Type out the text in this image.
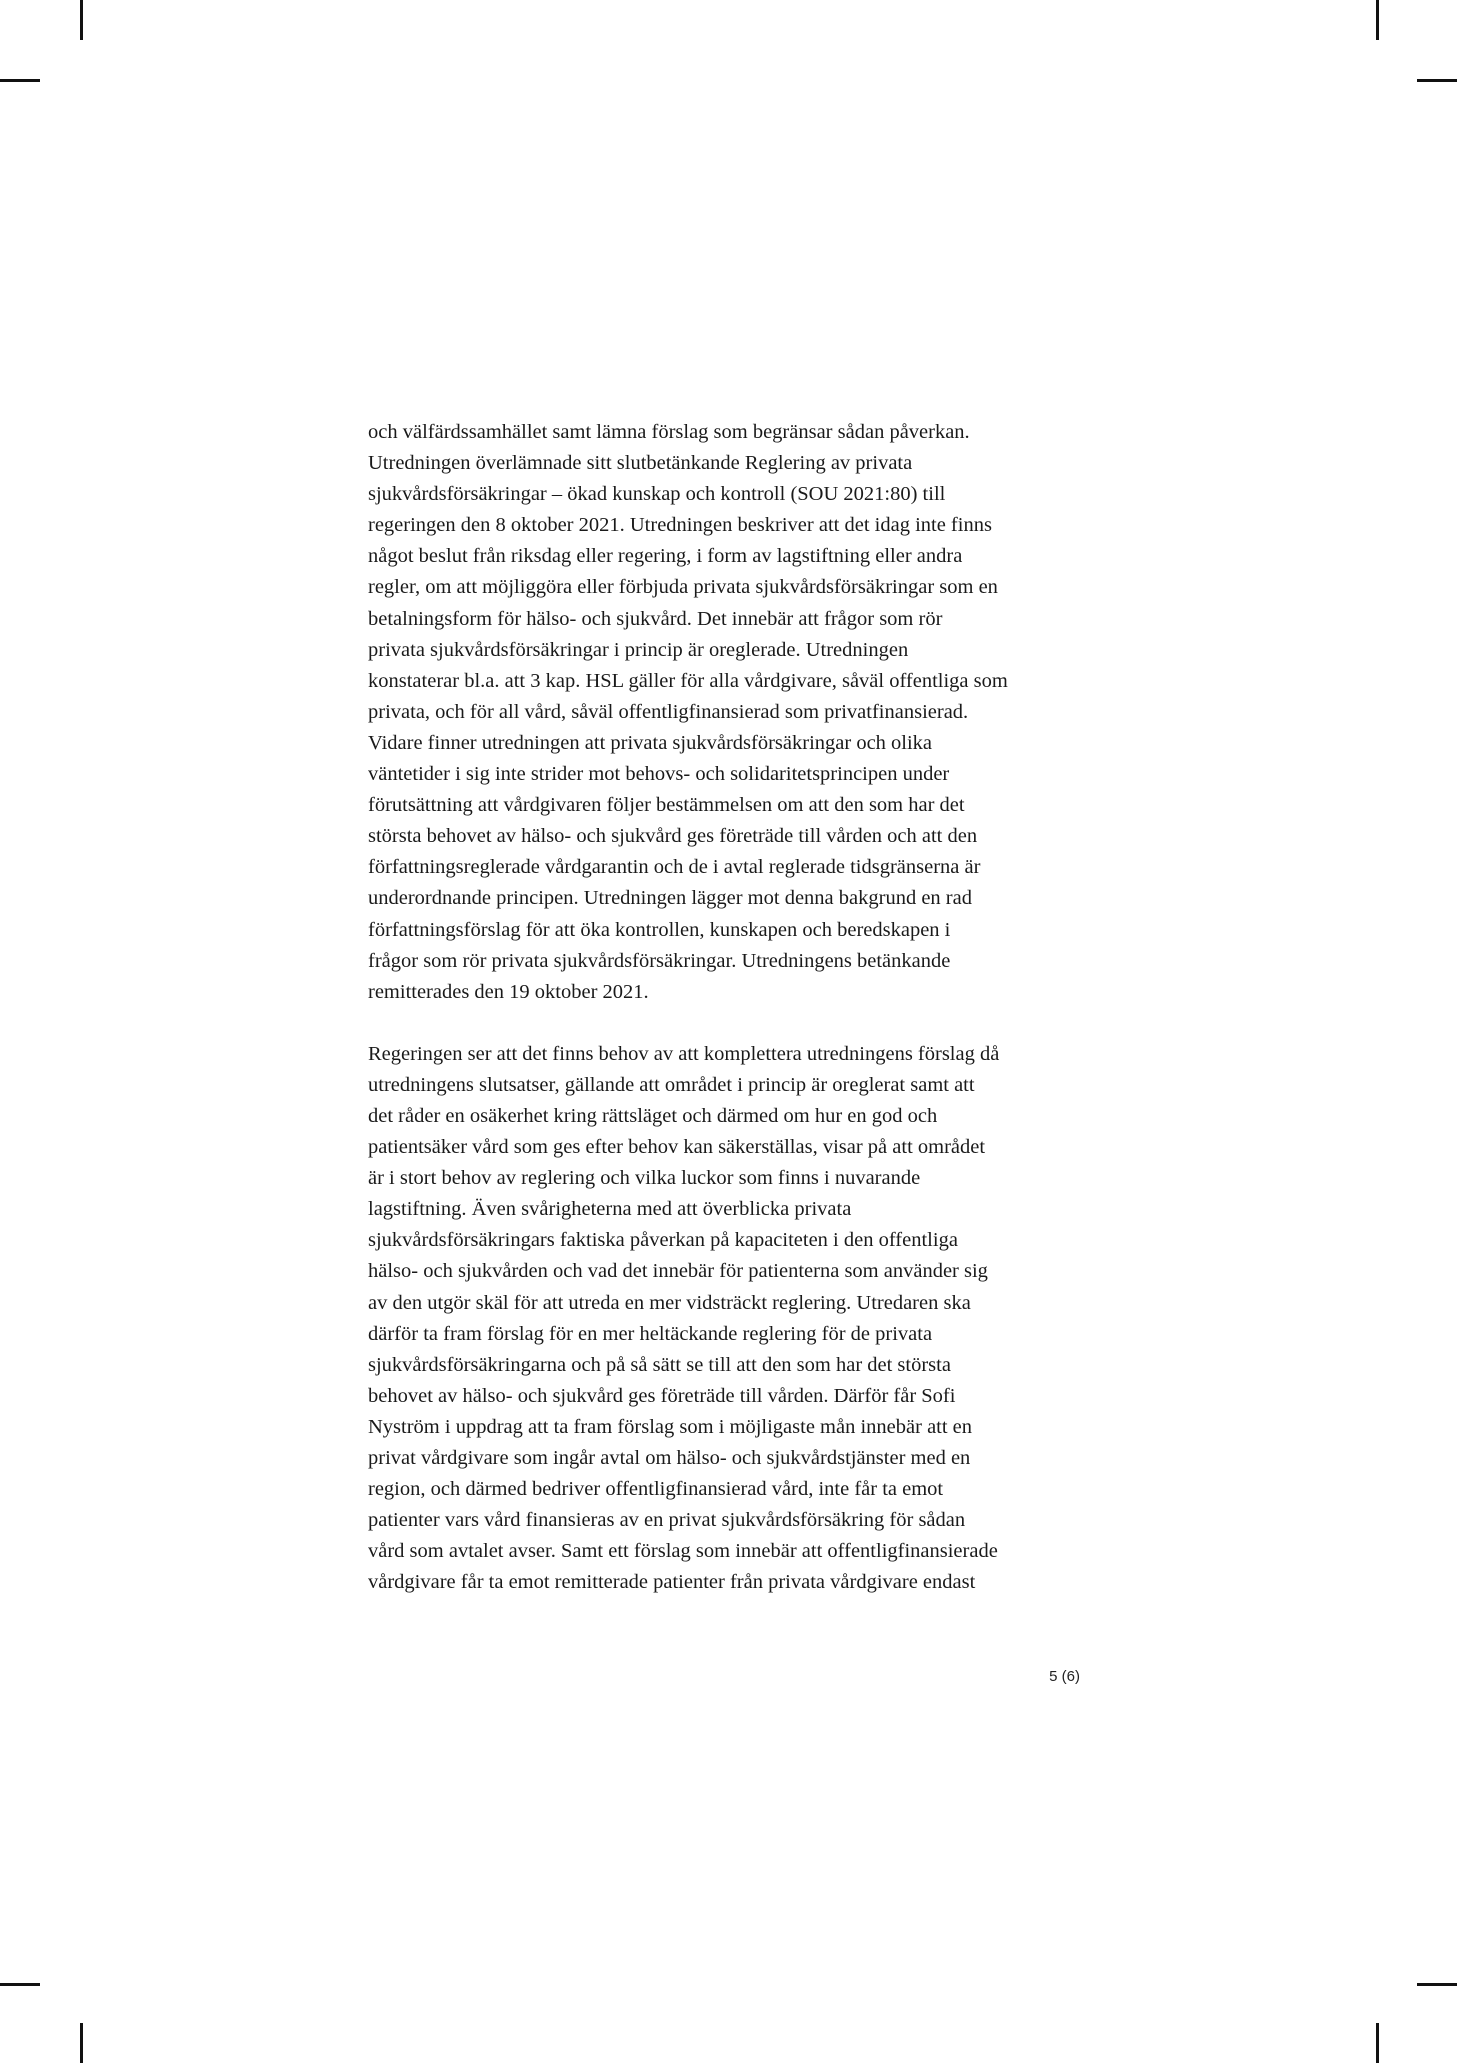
och välfärdssamhället samt lämna förslag som begränsar sådan påverkan.
Utredningen överlämnade sitt slutbetänkande Reglering av privata
sjukvårdsförsäkringar – ökad kunskap och kontroll (SOU 2021:80) till
regeringen den 8 oktober 2021. Utredningen beskriver att det idag inte finns
något beslut från riksdag eller regering, i form av lagstiftning eller andra
regler, om att möjliggöra eller förbjuda privata sjukvårdsförsäkringar som en
betalningsform för hälso- och sjukvård. Det innebär att frågor som rör
privata sjukvårdsförsäkringar i princip är oreglerade. Utredningen
konstaterar bl.a. att 3 kap. HSL gäller för alla vårdgivare, såväl offentliga som
privata, och för all vård, såväl offentligfinansierad som privatfinansierad.
Vidare finner utredningen att privata sjukvårdsförsäkringar och olika
väntetider i sig inte strider mot behovs- och solidaritetsprincipen under
förutsättning att vårdgivaren följer bestämmelsen om att den som har det
största behovet av hälso- och sjukvård ges företräde till vården och att den
författningsreglerade vårdgarantin och de i avtal reglerade tidsgränserna är
underordnande principen. Utredningen lägger mot denna bakgrund en rad
författningsförslag för att öka kontrollen, kunskapen och beredskapen i
frågor som rör privata sjukvårdsförsäkringar. Utredningens betänkande
remitterades den 19 oktober 2021.

Regeringen ser att det finns behov av att komplettera utredningens förslag då
utredningens slutsatser, gällande att området i princip är oreglerat samt att
det råder en osäkerhet kring rättsläget och därmed om hur en god och
patientsäker vård som ges efter behov kan säkerställas, visar på att området
är i stort behov av reglering och vilka luckor som finns i nuvarande
lagstiftning. Även svårigheterna med att överblicka privata
sjukvårdsförsäkringars faktiska påverkan på kapaciteten i den offentliga
hälso- och sjukvården och vad det innebär för patienterna som använder sig
av den utgör skäl för att utreda en mer vidsträckt reglering. Utredaren ska
därför ta fram förslag för en mer heltäckande reglering för de privata
sjukvårdsförsäkringarna och på så sätt se till att den som har det största
behovet av hälso- och sjukvård ges företräde till vården. Därför får Sofi
Nyström i uppdrag att ta fram förslag som i möjligaste mån innebär att en
privat vårdgivare som ingår avtal om hälso- och sjukvårdstjänster med en
region, och därmed bedriver offentligfinansierad vård, inte får ta emot
patienter vars vård finansieras av en privat sjukvårdsförsäkring för sådan
vård som avtalet avser. Samt ett förslag som innebär att offentligfinansierade
vårdgivare får ta emot remitterade patienter från privata vårdgivare endast

5 (6)
